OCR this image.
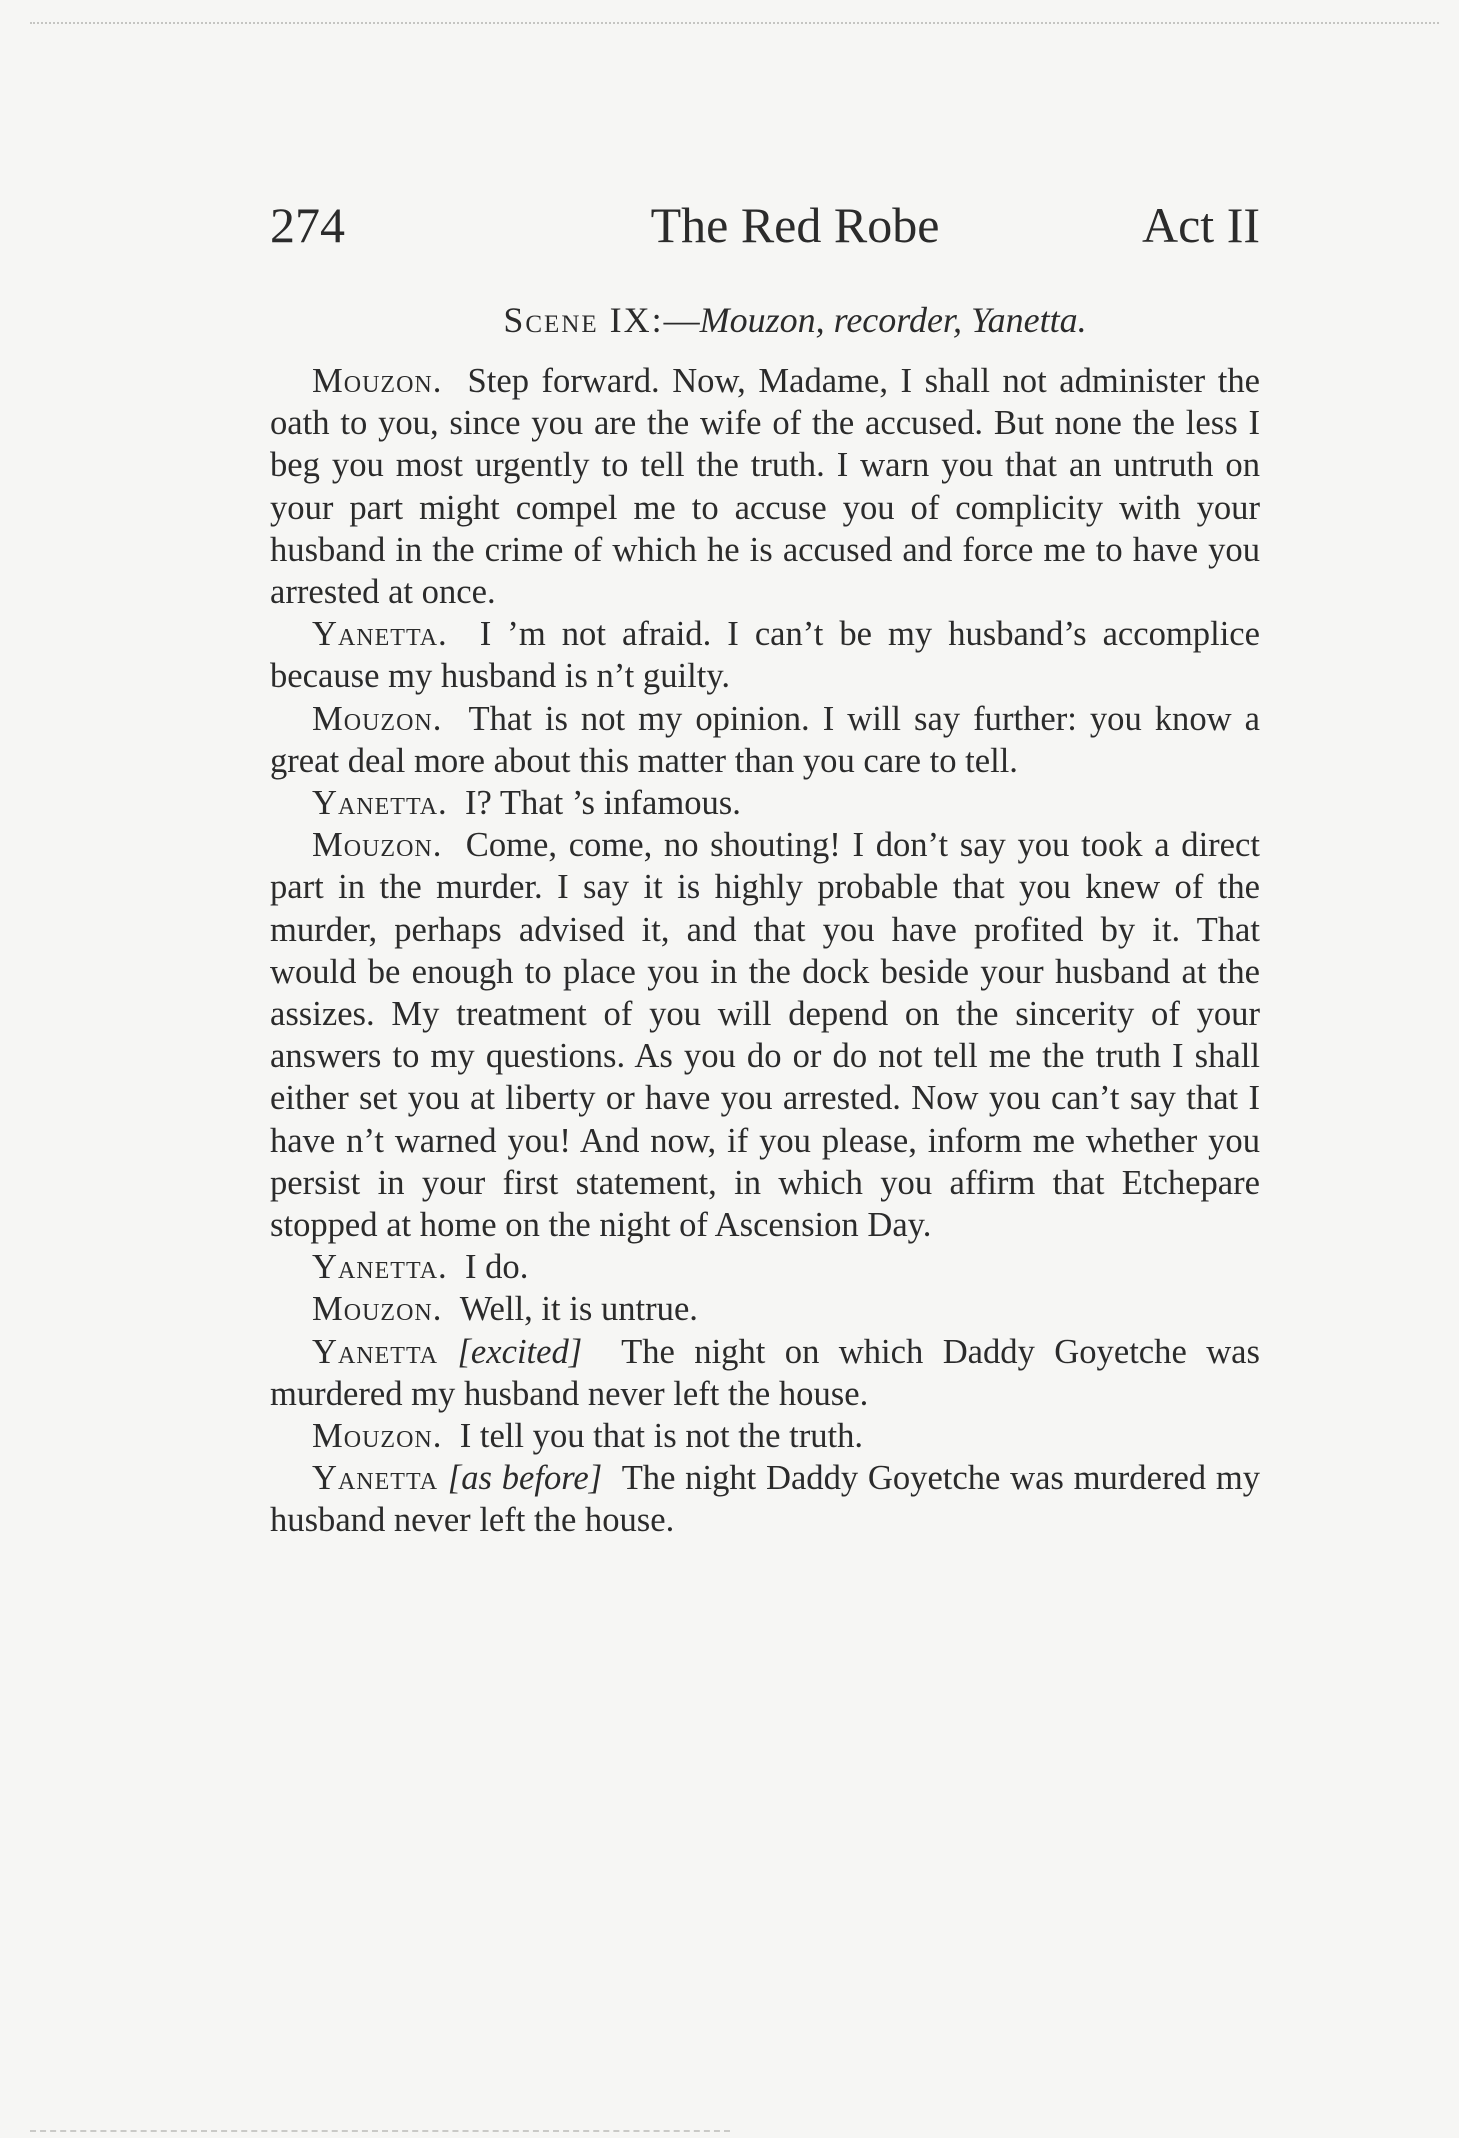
274	The Red Robe	Act II
Scene IX:—Mouzon, recorder, Yanetta.

Mouzon. Step forward. Now, Madame, I shall not administer the oath to you, since you are the wife of the accused. But none the less I beg you most urgently to tell the truth. I warn you that an untruth on your part might compel me to accuse you of complicity with your husband in the crime of which he is accused and force me to have you arrested at once.

Yanetta. I ’m not afraid. I can’t be my husband’s accomplice because my husband is n’t guilty.

Mouzon. That is not my opinion. I will say further: you know a great deal more about this matter than you care to tell.

Yanetta. I? That ’s infamous.

Mouzon. Come, come, no shouting! I don’t say you took a direct part in the murder. I say it is highly probable that you knew of the murder, perhaps advised it, and that you have profited by it. That would be enough to place you in the dock beside your husband at the assizes. My treatment of you will depend on the sincerity of your answers to my questions. As you do or do not tell me the truth I shall either set you at liberty or have you arrested. Now you can’t say that I have n’t warned you! And now, if you please, inform me whether you persist in your first statement, in which you affirm that Etchepare stopped at home on the night of Ascension Day.

Yanetta. I do.

Mouzon. Well, it is untrue.

Yanetta [excited] The night on which Daddy Goyetche was murdered my husband never left the house.

Mouzon. I tell you that is not the truth.

Yanetta [as before] The night Daddy Goyetche was murdered my husband never left the house.
